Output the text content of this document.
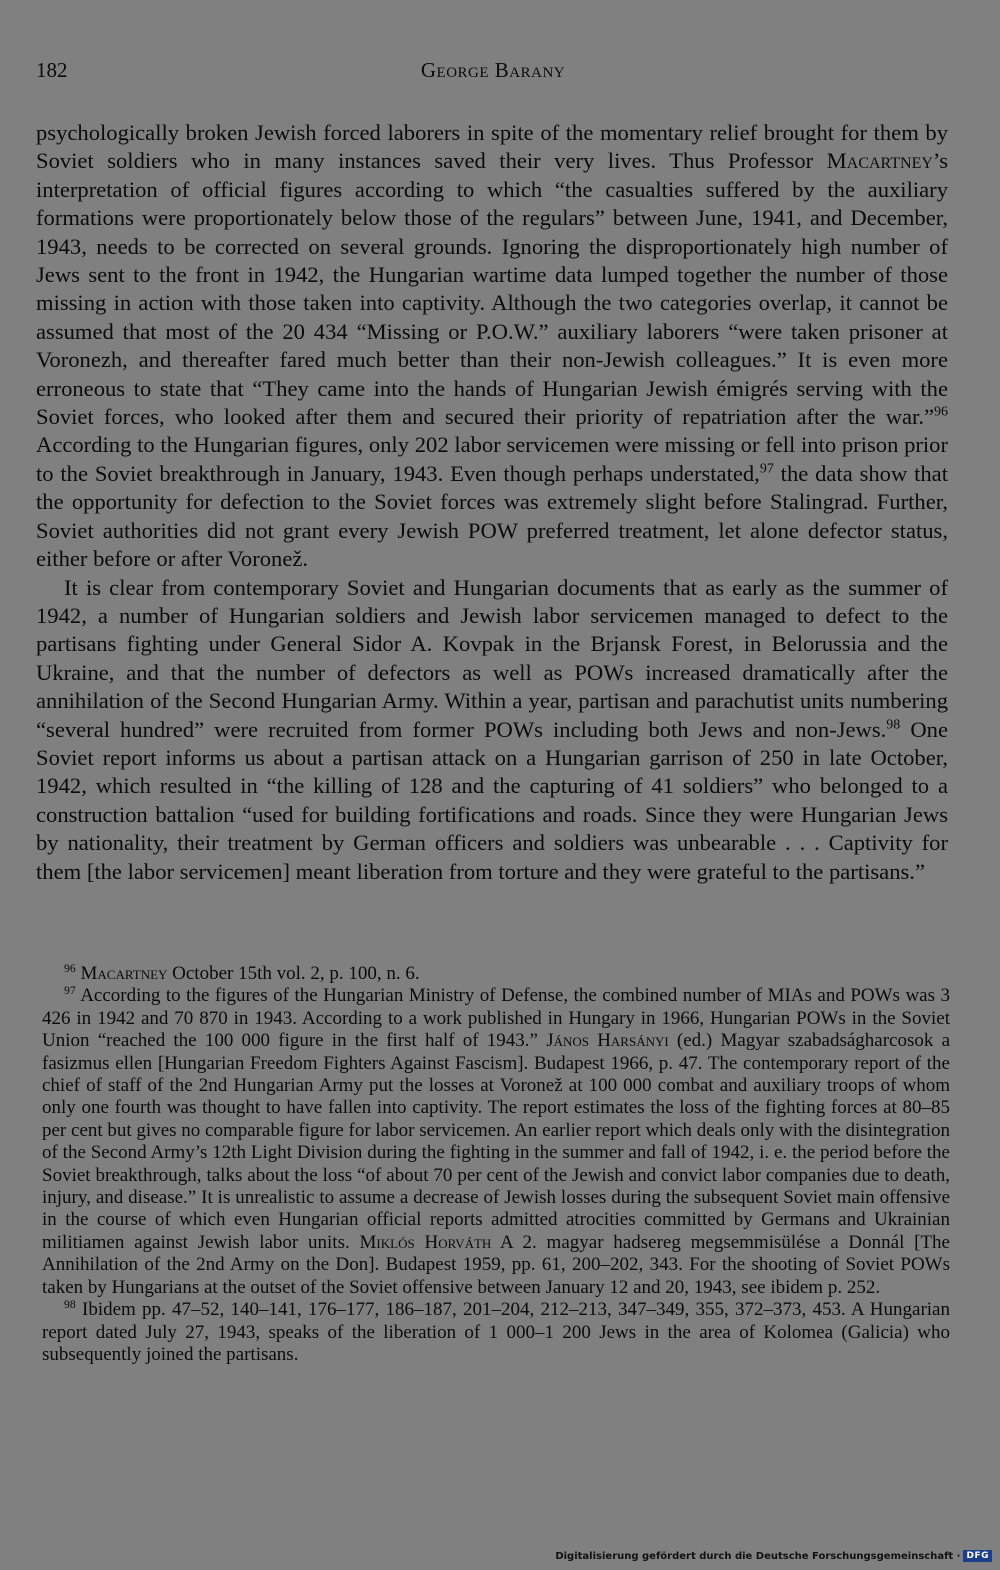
182	George Barany

psychologically broken Jewish forced laborers in spite of the momentary relief brought for them by Soviet soldiers who in many instances saved their very lives. Thus Professor Macartney’s interpretation of official figures according to which “the casualties suffered by the auxiliary formations were proportionately below those of the regulars” between June, 1941, and December, 1943, needs to be corrected on several grounds. Ignoring the disproportionately high number of Jews sent to the front in 1942, the Hungarian wartime data lumped together the number of those missing in action with those taken into captivity. Although the two categories overlap, it cannot be assumed that most of the 20 434 “Missing or P.O.W.” auxiliary laborers “were taken prisoner at Voronezh, and thereafter fared much better than their non-Jewish colleagues.” It is even more erroneous to state that “They came into the hands of Hungarian Jewish émigrés serving with the Soviet forces, who looked after them and secured their priority of repatriation after the war.”$^{96}$ According to the Hungarian figures, only 202 labor servicemen were missing or fell into prison prior to the Soviet breakthrough in January, 1943. Even though perhaps understated,$^{97}$ the data show that the opportunity for defection to the Soviet forces was extremely slight before Stalingrad. Further, Soviet authorities did not grant every Jewish POW preferred treatment, let alone defector status, either before or after Voronež.

It is clear from contemporary Soviet and Hungarian documents that as early as the summer of 1942, a number of Hungarian soldiers and Jewish labor servicemen managed to defect to the partisans fighting under General Sidor A. Kovpak in the Brjansk Forest, in Belorussia and the Ukraine, and that the number of defectors as well as POWs increased dramatically after the annihilation of the Second Hungarian Army. Within a year, partisan and parachutist units numbering “several hundred” were recruited from former POWs including both Jews and non-Jews.$^{98}$ One Soviet report informs us about a partisan attack on a Hungarian garrison of 250 in late October, 1942, which resulted in “the killing of 128 and the capturing of 41 soldiers” who belonged to a construction battalion “used for building fortifications and roads. Since they were Hungarian Jews by nationality, their treatment by German officers and soldiers was unbearable . . . Captivity for them [the labor servicemen] meant liberation from torture and they were grateful to the partisans.”

$^{96}$ Macartney October 15th vol. 2, p. 100, n. 6.

$^{97}$ According to the figures of the Hungarian Ministry of Defense, the combined number of MIAs and POWs was 3 426 in 1942 and 70 870 in 1943. According to a work published in Hungary in 1966, Hungarian POWs in the Soviet Union “reached the 100 000 figure in the first half of 1943.” János Harsányi (ed.) Magyar szabadságharcosok a fasizmus ellen [Hungarian Freedom Fighters Against Fascism]. Budapest 1966, p. 47. The contemporary report of the chief of staff of the 2nd Hungarian Army put the losses at Voronež at 100 000 combat and auxiliary troops of whom only one fourth was thought to have fallen into captivity. The report estimates the loss of the fighting forces at 80–85 per cent but gives no comparable figure for labor servicemen. An earlier report which deals only with the disintegration of the Second Army’s 12th Light Division during the fighting in the summer and fall of 1942, i. e. the period before the Soviet breakthrough, talks about the loss “of about 70 per cent of the Jewish and convict labor companies due to death, injury, and disease.” It is unrealistic to assume a decrease of Jewish losses during the subsequent Soviet main offensive in the course of which even Hungarian official reports admitted atrocities committed by Germans and Ukrainian militiamen against Jewish labor units. Miklós Horváth A 2. magyar hadsereg megsemmisülése a Donnál [The Annihilation of the 2nd Army on the Don]. Budapest 1959, pp. 61, 200–202, 343. For the shooting of Soviet POWs taken by Hungarians at the outset of the Soviet offensive between January 12 and 20, 1943, see ibidem p. 252.

$^{98}$ Ibidem pp. 47–52, 140–141, 176–177, 186–187, 201–204, 212–213, 347–349, 355, 372–373, 453. A Hungarian report dated July 27, 1943, speaks of the liberation of 1 000–1 200 Jews in the area of Kolomea (Galicia) who subsequently joined the partisans.

Digitalisierung gefördert durch die Deutsche Forschungsgemeinschaft · DFG
